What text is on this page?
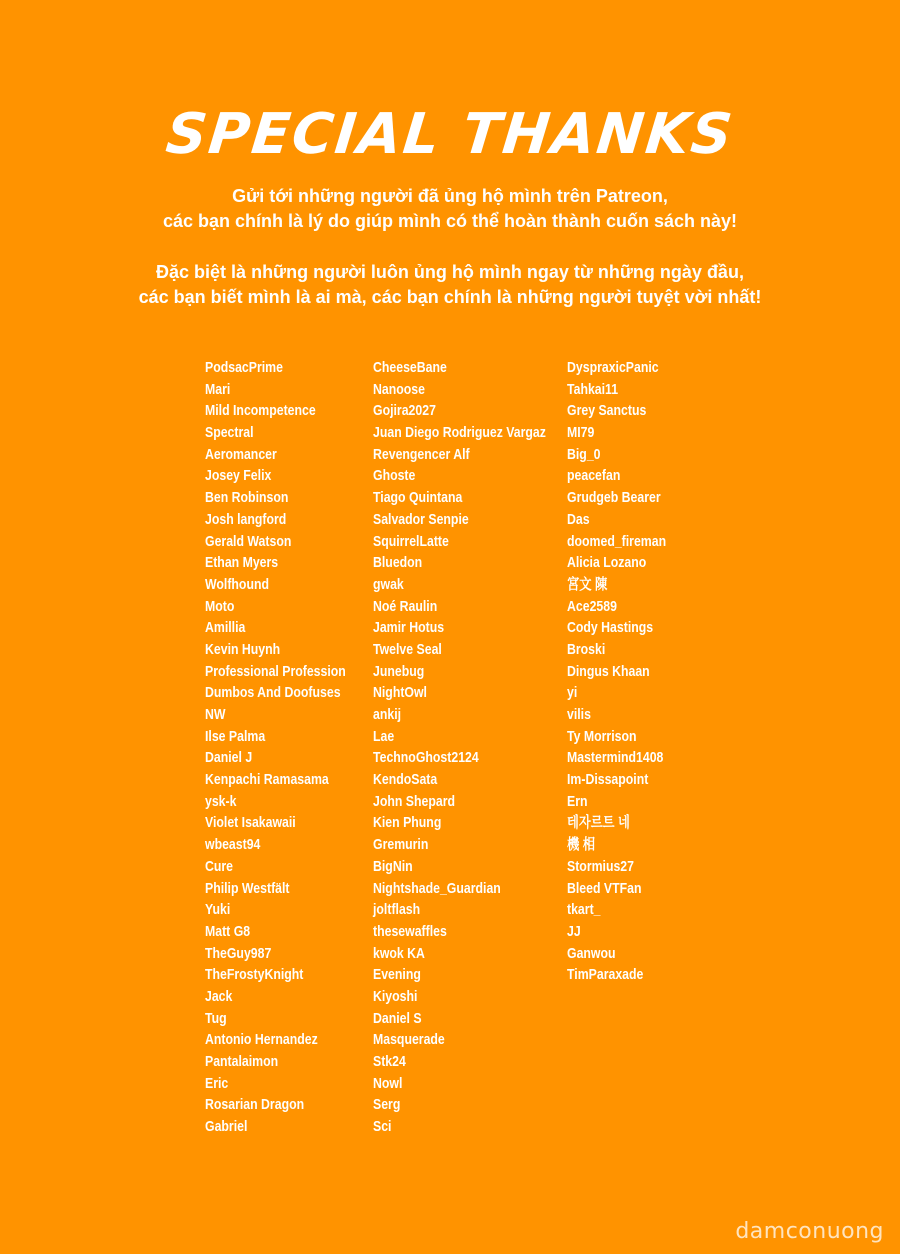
SPECIAL THANKS

Gửi tới những người đã ủng hộ mình trên Patreon,
các bạn chính là lý do giúp mình có thể hoàn thành cuốn sách này!

Đặc biệt là những người luôn ủng hộ mình ngay từ những ngày đầu,
các bạn biết mình là ai mà, các bạn chính là những người tuyệt vời nhất!

PodsacPrime
Mari
Mild Incompetence
Spectral
Aeromancer
Josey Felix
Ben Robinson
Josh langford
Gerald Watson
Ethan Myers
Wolfhound
Moto
Amillia
Kevin Huynh
Professional Profession
Dumbos And Doofuses
NW
Ilse Palma
Daniel J
Kenpachi Ramasama
ysk-k
Violet Isakawaii
wbeast94
Cure
Philip Westfält
Yuki
Matt G8
TheGuy987
TheFrostyKnight
Jack
Tug
Antonio Hernandez
Pantalaimon
Eric
Rosarian Dragon
Gabriel
CheeseBane
Nanoose
Gojira2027
Juan Diego Rodriguez Vargaz
Revengencer Alf
Ghoste
Tiago Quintana
Salvador Senpie
SquirrelLatte
Bluedon
gwak
Noé Raulin
Jamir Hotus
Twelve Seal
Junebug
NightOwl
ankij
Lae
TechnoGhost2124
KendoSata
John Shepard
Kien Phung
Gremurin
BigNin
Nightshade_Guardian
joltflash
thesewaffles
kwok KA
Evening
Kiyoshi
Daniel S
Masquerade
Stk24
Nowl
Serg
Sci
DyspraxicPanic
Tahkai11
Grey Sanctus
MI79
Big_0
peacefan
Grudgeb Bearer
Das
doomed_fireman
Alicia Lozano
宮文 陳
Ace2589
Cody Hastings
Broski
Dingus Khaan
yi
vilis
Ty Morrison
Mastermind1408
Im-Dissapoint
Ern
테자르트 네
機 相
Stormius27
Bleed VTFan
tkart_
JJ
Ganwou
TimParaxade
damconuong
